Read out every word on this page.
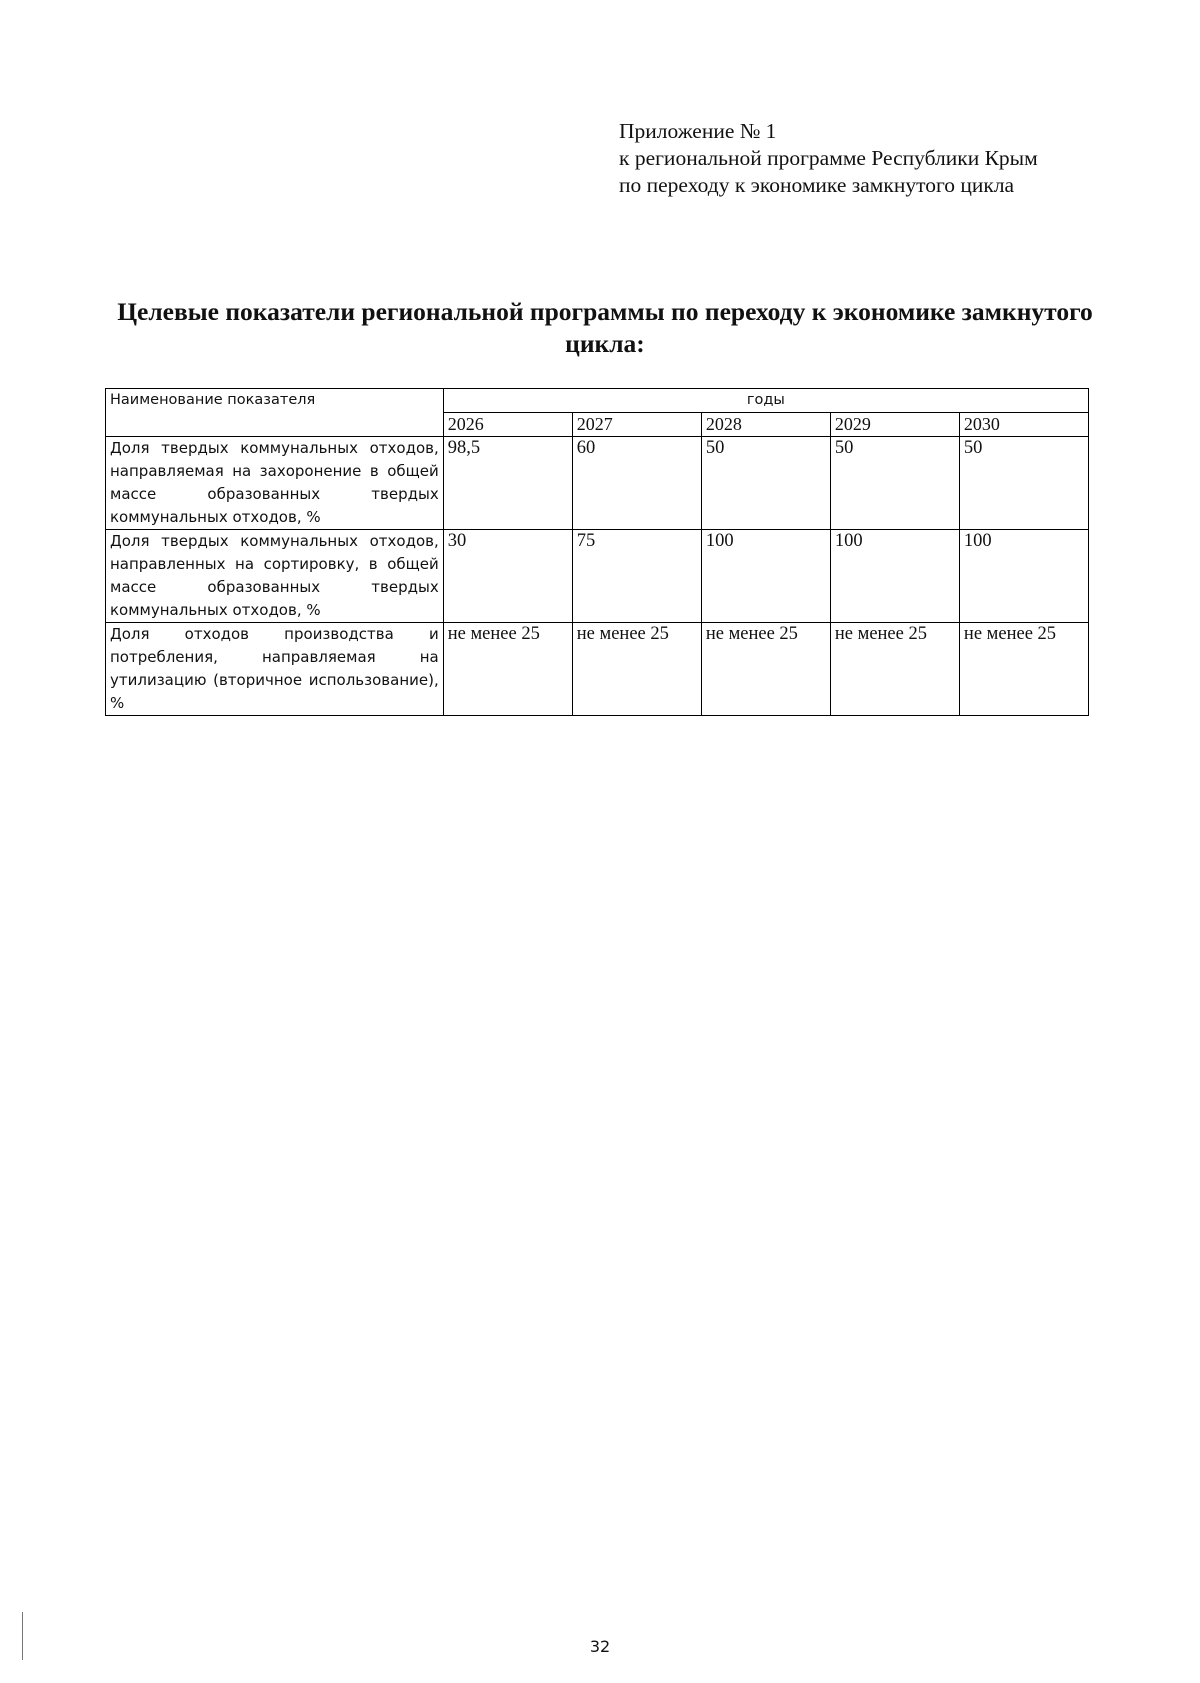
Приложение № 1
к региональной программе Республики Крым
по переходу к экономике замкнутого цикла
Целевые показатели региональной программы по переходу к экономике замкнутого цикла:
Наименование показателя	годы				
	2026	2027	2028	2029	2030
Доля твердых коммунальных отходов, направляемая на захоронение в общей массе образованных твердых коммунальных отходов, %	98,5	60	50	50	50
Доля твердых коммунальных отходов, направленных на сортировку, в общей массе образованных твердых коммунальных отходов, %	30	75	100	100	100
Доля отходов производства и потребления, направляемая на утилизацию (вторичное использование), %	не менее 25	не менее 25	не менее 25	не менее 25	не менее 25
32
